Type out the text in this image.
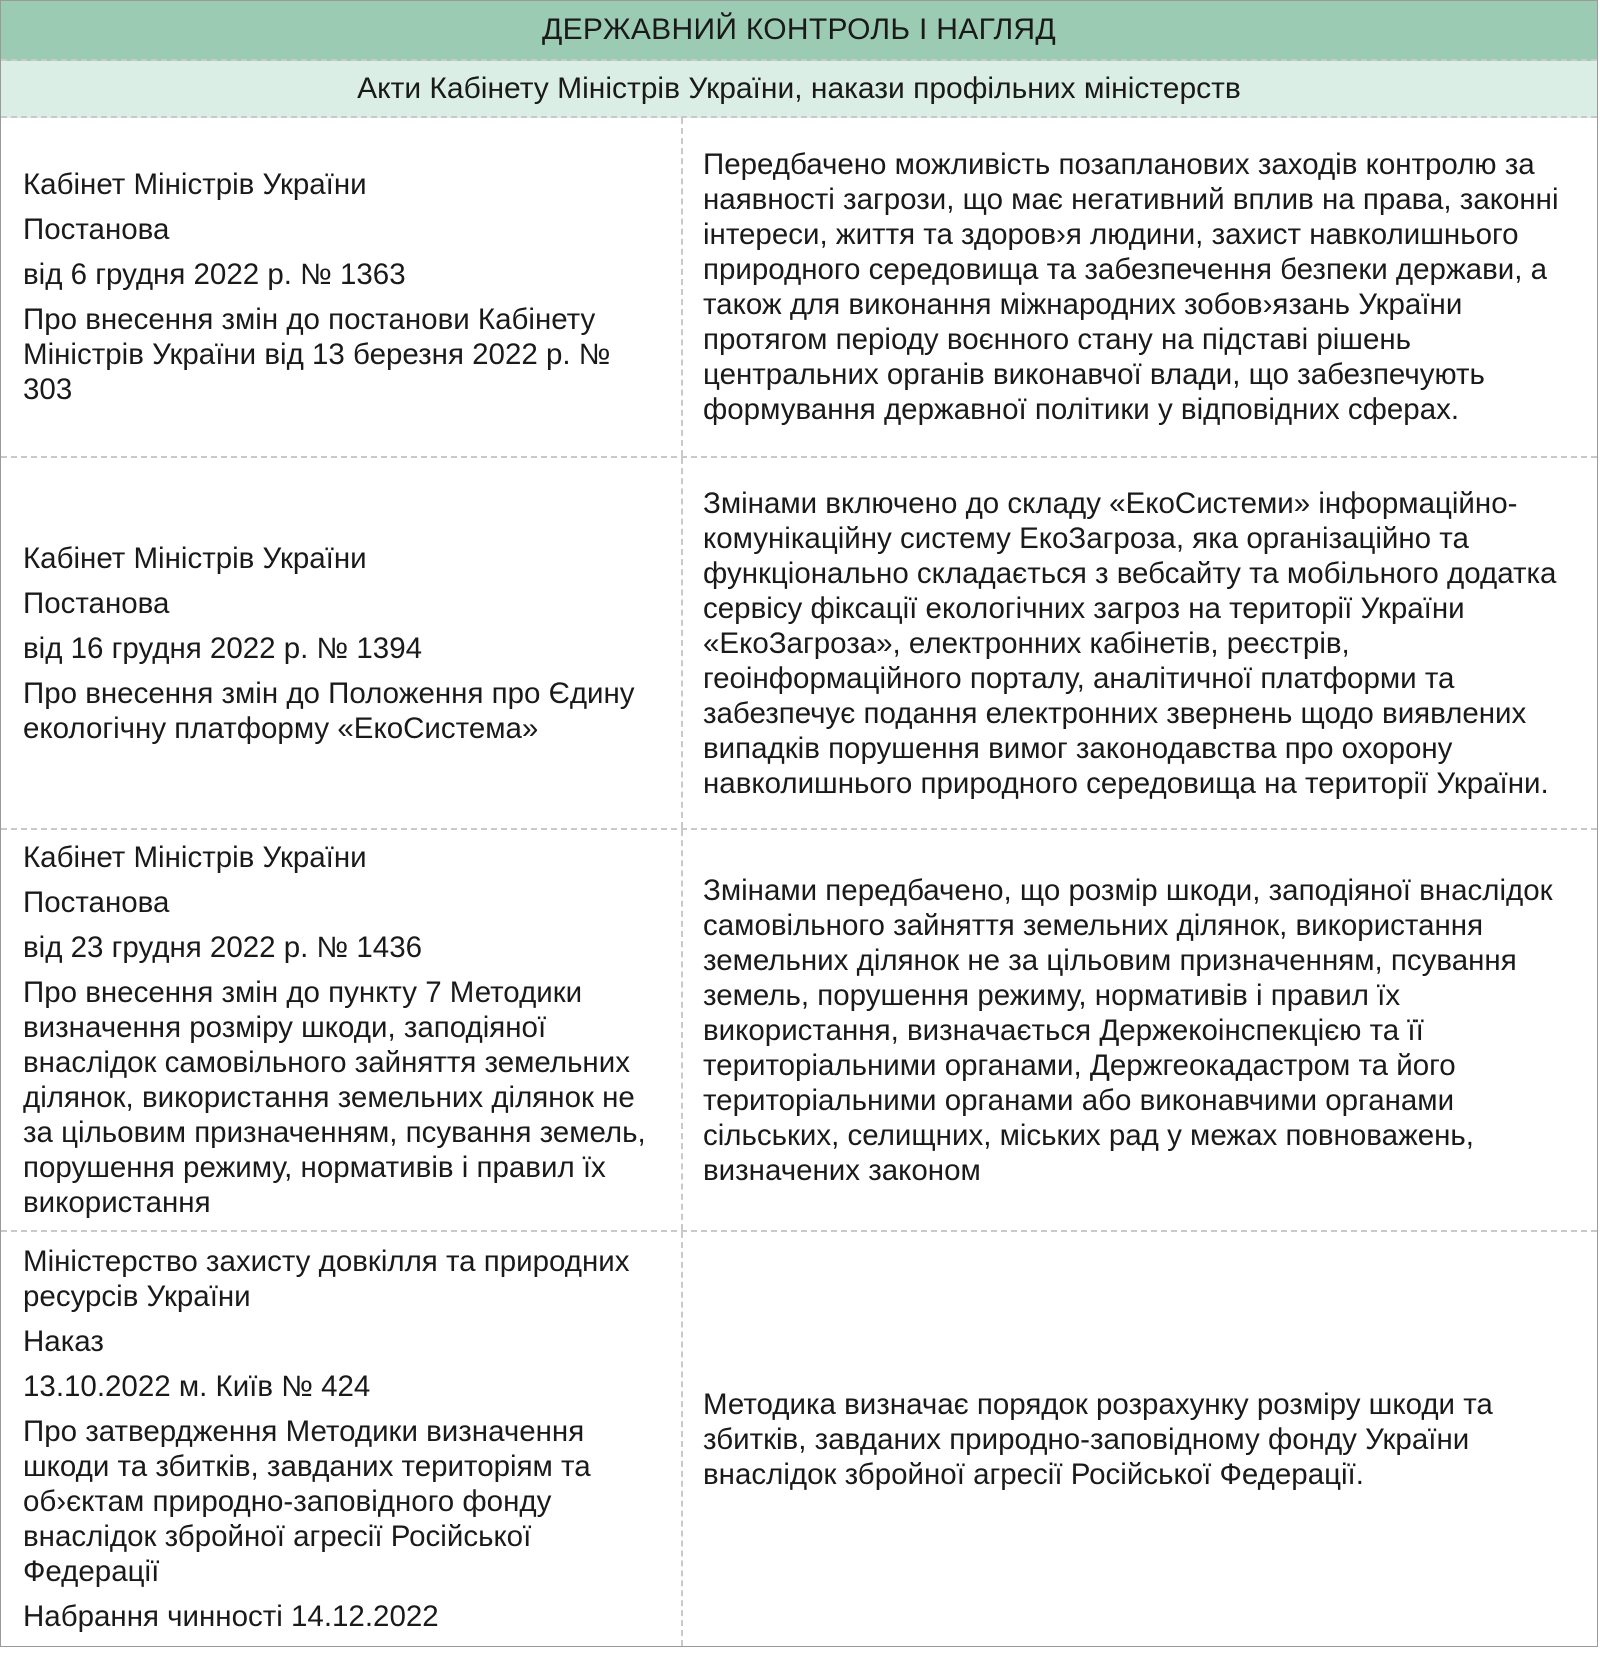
ДЕРЖАВНИЙ КОНТРОЛЬ І НАГЛЯД
Акти Кабінету Міністрів України, накази профільних міністерств

Кабінет Міністрів України

Постанова

від 6 грудня 2022 р. № 1363

Про внесення змін до постанови Кабінету Міністрів України від 13 березня 2022 р. № 303

Передбачено можливість позапланових заходів контролю за наявності загрози, що має негативний вплив на права, законні інтереси, життя та здоров›я людини, захист навколишнього природного середовища та забезпечення безпеки держави, а також для виконання міжнародних зобов›язань України протягом періоду воєнного стану на підставі рішень центральних органів виконавчої влади, що забезпечують формування державної політики у відповідних сферах.

Кабінет Міністрів України

Постанова

від 16 грудня 2022 р. № 1394

Про внесення змін до Положення про Єдину екологічну платформу «ЕкоСистема»

Змінами включено до складу «ЕкоСистеми» інформаційно-комунікаційну систему ЕкоЗагроза, яка організаційно та функціонально складається з вебсайту та мобільного додатка сервісу фіксації екологічних загроз на території України «ЕкоЗагроза», електронних кабінетів, реєстрів, геоінформаційного порталу, аналітичної платформи та забезпечує подання електронних звернень щодо виявлених випадків порушення вимог законодавства про охорону навколишнього природного середовища на території України.

Кабінет Міністрів України

Постанова

від 23 грудня 2022 р. № 1436

Про внесення змін до пункту 7 Методики визначення розміру шкоди, заподіяної внаслідок самовільного зайняття земельних ділянок, використання земельних ділянок не за цільовим призначенням, псування земель, порушення режиму, нормативів і правил їх використання

Змінами передбачено, що розмір шкоди, заподіяної внаслідок самовільного зайняття земельних ділянок, використання земельних ділянок не за цільовим призначенням, псування земель, порушення режиму, нормативів і правил їх використання, визначається Держекоінспекцією та її територіальними органами, Держгеокадастром та його територіальними органами або виконавчими органами сільських, селищних, міських рад у межах повноважень, визначених законом

Міністерство захисту довкілля та природних ресурсів України

Наказ

13.10.2022 м. Київ № 424

Про затвердження Методики визначення шкоди та збитків, завданих територіям та об›єктам природно-заповідного фонду внаслідок збройної агресії Російської Федерації

Набрання чинності 14.12.2022

Методика визначає порядок розрахунку розміру шкоди та збитків, завданих природно-заповідному фонду України внаслідок збройної агресії Російської Федерації.
